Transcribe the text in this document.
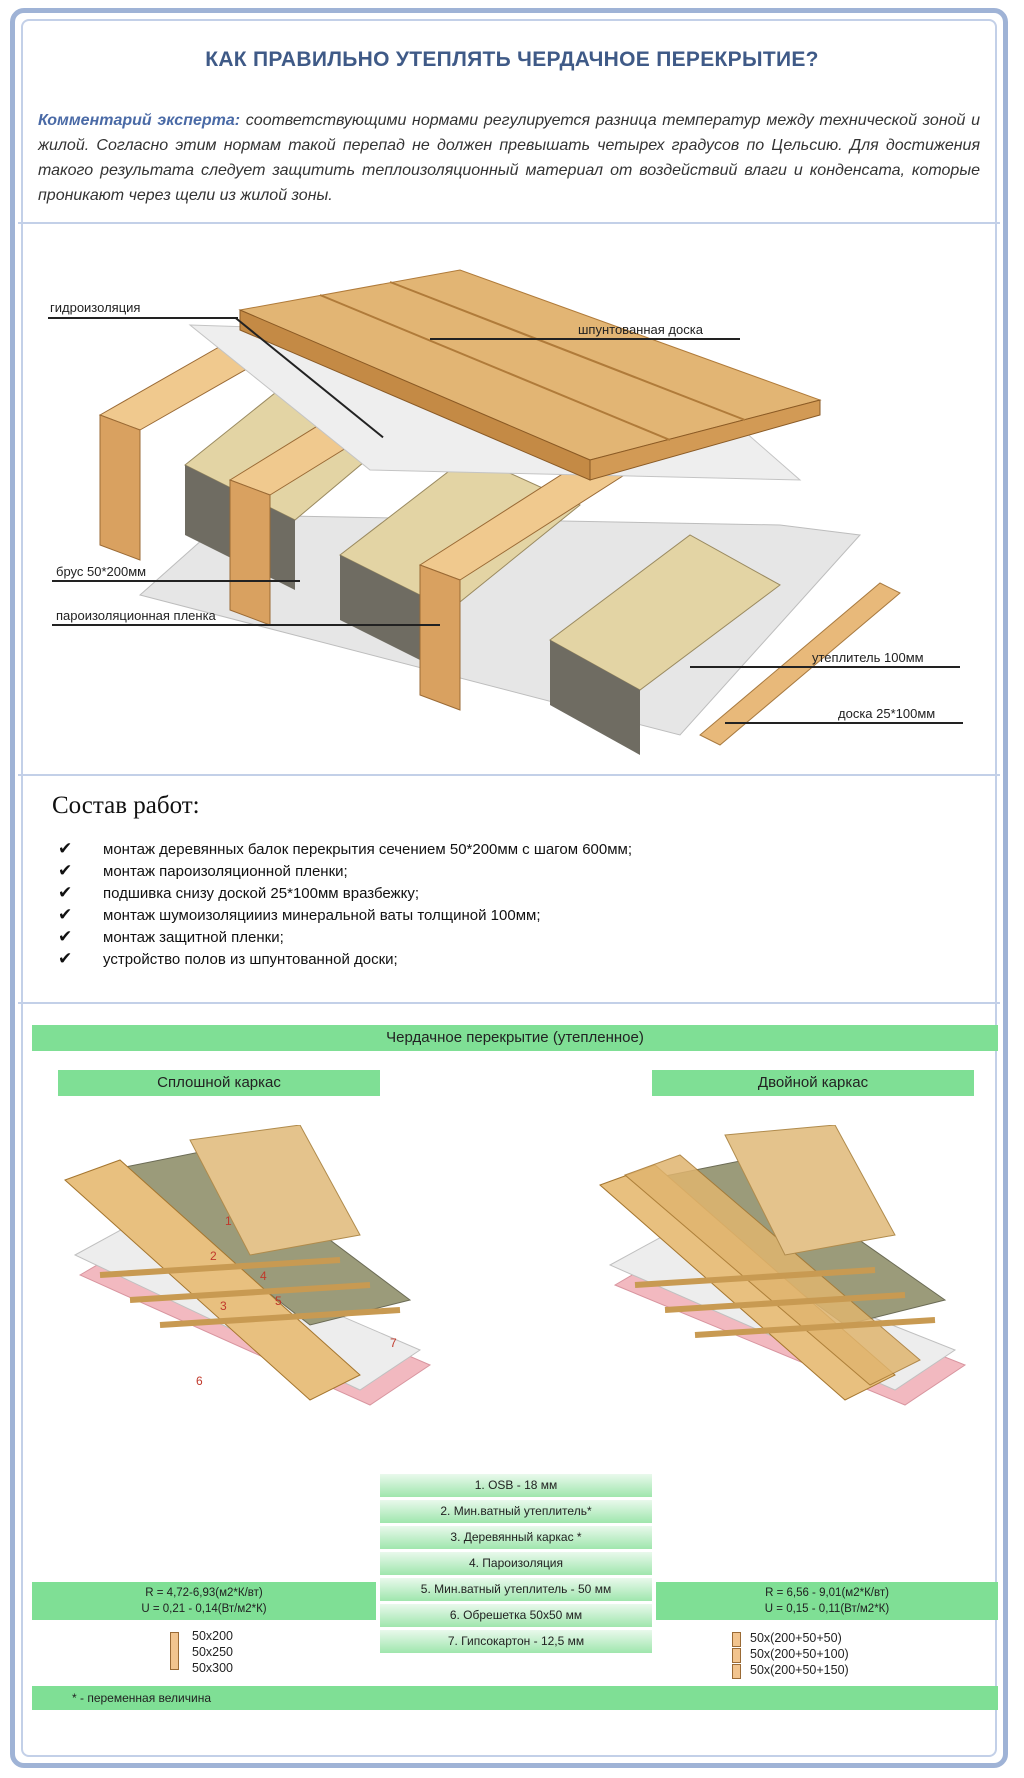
КАК ПРАВИЛЬНО УТЕПЛЯТЬ ЧЕРДАЧНОЕ ПЕРЕКРЫТИЕ?

Комментарий эксперта: соответствующими нормами регулируется разница температур между технической зоной и жилой. Согласно этим нормам такой перепад не должен превышать четырех градусов по Цельсию. Для достижения такого результата следует защитить теплоизоляционный материал от воздействий влаги и конденсата, которые проникают через щели из жилой зоны.

гидроизоляция
шпунтованная доска
брус 50*200мм
пароизоляционная пленка
утеплитель 100мм
доска 25*100мм
Состав работ:
✔ монтаж деревянных балок перекрытия сечением 50*200мм с шагом 600мм;
✔ монтаж пароизоляционной пленки;
✔ подшивка снизу доской 25*100мм вразбежку;
✔ монтаж шумоизоляциииз минеральной ваты толщиной 100мм;
✔ монтаж защитной пленки;
✔ устройство полов из шпунтованной доски;
Чердачное перекрытие (утепленное)
Сплошной каркас	Двойной каркас
1
2
3
4
5
6
7
1. OSB - 18 мм
2. Мин.ватный утеплитель*
3. Деревянный каркас *
4. Пароизоляция
5. Мин.ватный утеплитель - 50 мм
6. Обрешетка 50x50 мм
7. Гипсокартон - 12,5 мм
R = 4,72-6,93(м2*К/вт)
U = 0,21 - 0,14(Вт/м2*К)
R = 6,56 - 9,01(м2*К/вт)
U = 0,15 - 0,11(Вт/м2*К)
50x200
50x250
50x300
50x(200+50+50)
50x(200+50+100)
50x(200+50+150)
* - переменная величина
